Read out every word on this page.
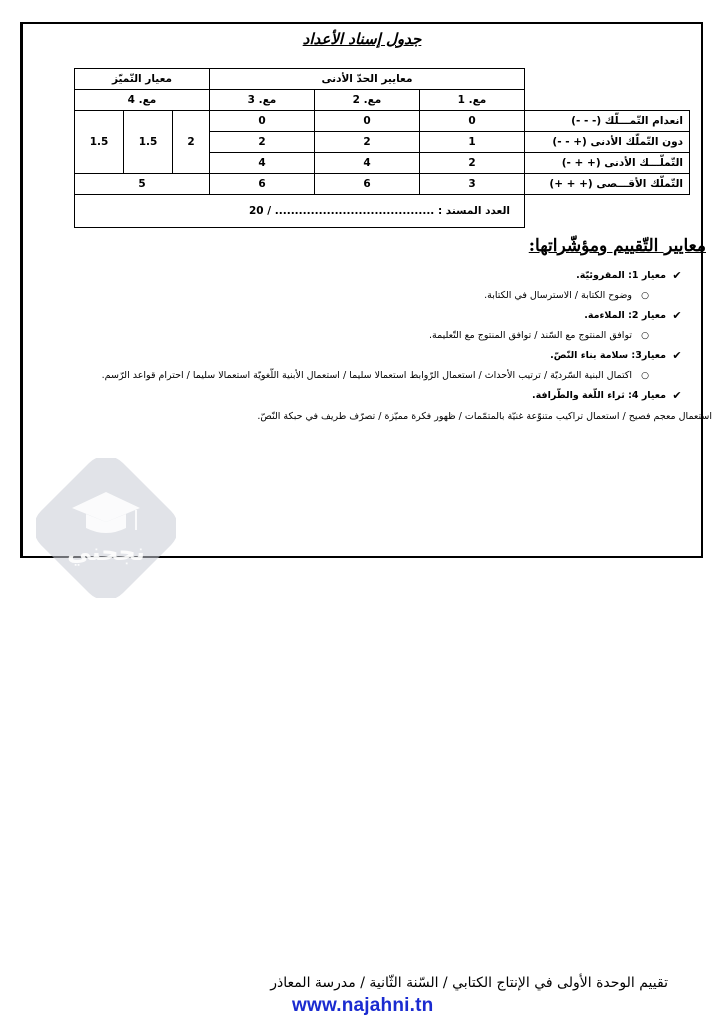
جدول إسناد الأعداد
	معايير الحدّ الأدنى			معيار التّميّز		
	مع. 1	مع. 2	مع. 3	مع. 4		
انعدام التّمـــلّك (- - -)	0	0	0	2	1.5	1.5
دون التّملّك الأدنى (+ - -)	1	2	2			
التّملّـــك الأدنى (+ + -)	2	4	4			
التّملّك الأقـــصى (+ + +)	3	6	6	5		
	العدد المسند : ........................................ / 20					
معايير التّقييم ومؤشّراتها:
✔
معيار 1: المقروئيّة.
○
وضوح الكتابة / الاسترسال في الكتابة.
✔
معيار 2: الملاءمة.
○
توافق المنتوج مع السّند / توافق المنتوج مع التّعليمة.
✔
معيار3: سلامة بناء النّصّ.
○
اكتمال البنية السّرديّة / ترتيب الأحداث / استعمال الرّوابط استعمالا سليما / استعمال الأبنية اللّغويّة استعمالا سليما / احترام قواعد الرّسم.
✔
معيار 4: ثراء اللّغة والطّرافة.
استعمال معجم فصيح / استعمال تراكيب متنوّعة غنيّة بالمتمّمات / ظهور فكرة مميّزة / تصرّف طريف في حبكة النّصّ.
نجحني
تقييم الوحدة الأولى في الإنتاج الكتابي / السّنة الثّانية / مدرسة المعاذر
www.najahni.tn
